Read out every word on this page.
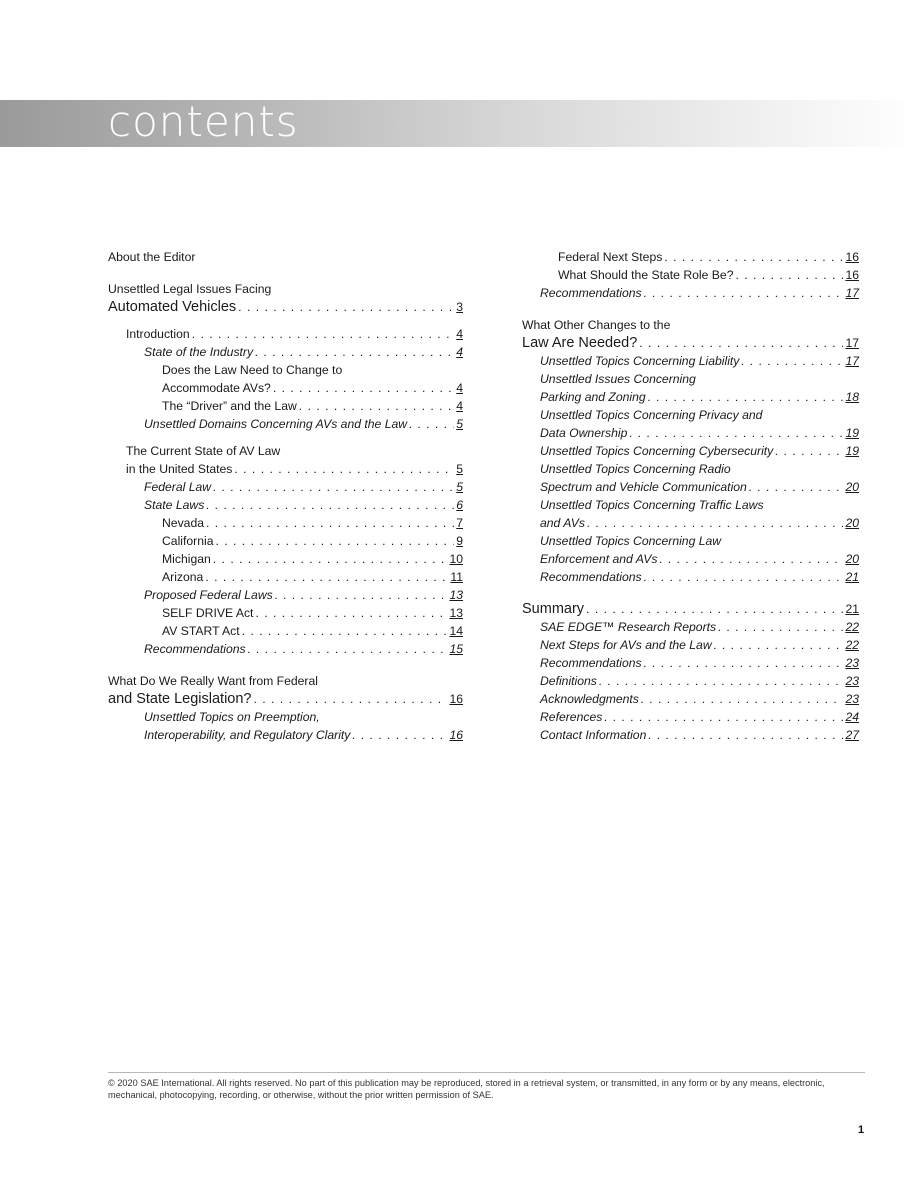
contents
About the Editor
Unsettled Legal Issues Facing
Automated Vehicles . . .	3
Introduction . . .	4
State of the Industry . . .	4
Does the Law Need to Change to
Accommodate AVs? . . .	4
The “Driver” and the Law . . .	4
Unsettled Domains Concerning AVs and the Law . . .	5
The Current State of AV Law
in the United States . . .	5
Federal Law . . .	5
State Laws . . .	6
Nevada . . .	7
California . . .	9
Michigan . . .	10
Arizona . . .	11
Proposed Federal Laws . . .	13
SELF DRIVE Act . . .	13
AV START Act . . .	14
Recommendations . . .	15
What Do We Really Want from Federal
and State Legislation? . . .	16
Unsettled Topics on Preemption,
Interoperability, and Regulatory Clarity . . .	16
Federal Next Steps . . .	16
What Should the State Role Be? . . .	16
Recommendations . . .	17
What Other Changes to the
Law Are Needed? . . .	17
Unsettled Topics Concerning Liability . . .	17
Unsettled Issues Concerning
Parking and Zoning . . .	18
Unsettled Topics Concerning Privacy and
Data Ownership . . .	19
Unsettled Topics Concerning Cybersecurity . . .	19
Unsettled Topics Concerning Radio
Spectrum and Vehicle Communication . . .	20
Unsettled Topics Concerning Traffic Laws
and AVs . . .	20
Unsettled Topics Concerning Law
Enforcement and AVs . . .	20
Recommendations . . .	21
Summary . . .	21
SAE EDGE™ Research Reports . . .	22
Next Steps for AVs and the Law . . .	22
Recommendations . . .	23
Definitions . . .	23
Acknowledgments . . .	23
References . . .	24
Contact Information . . .	27
© 2020 SAE International. All rights reserved. No part of this publication may be reproduced, stored in a retrieval system, or transmitted, in any form or by any means, electronic, mechanical, photocopying, recording, or otherwise, without the prior written permission of SAE.
1
